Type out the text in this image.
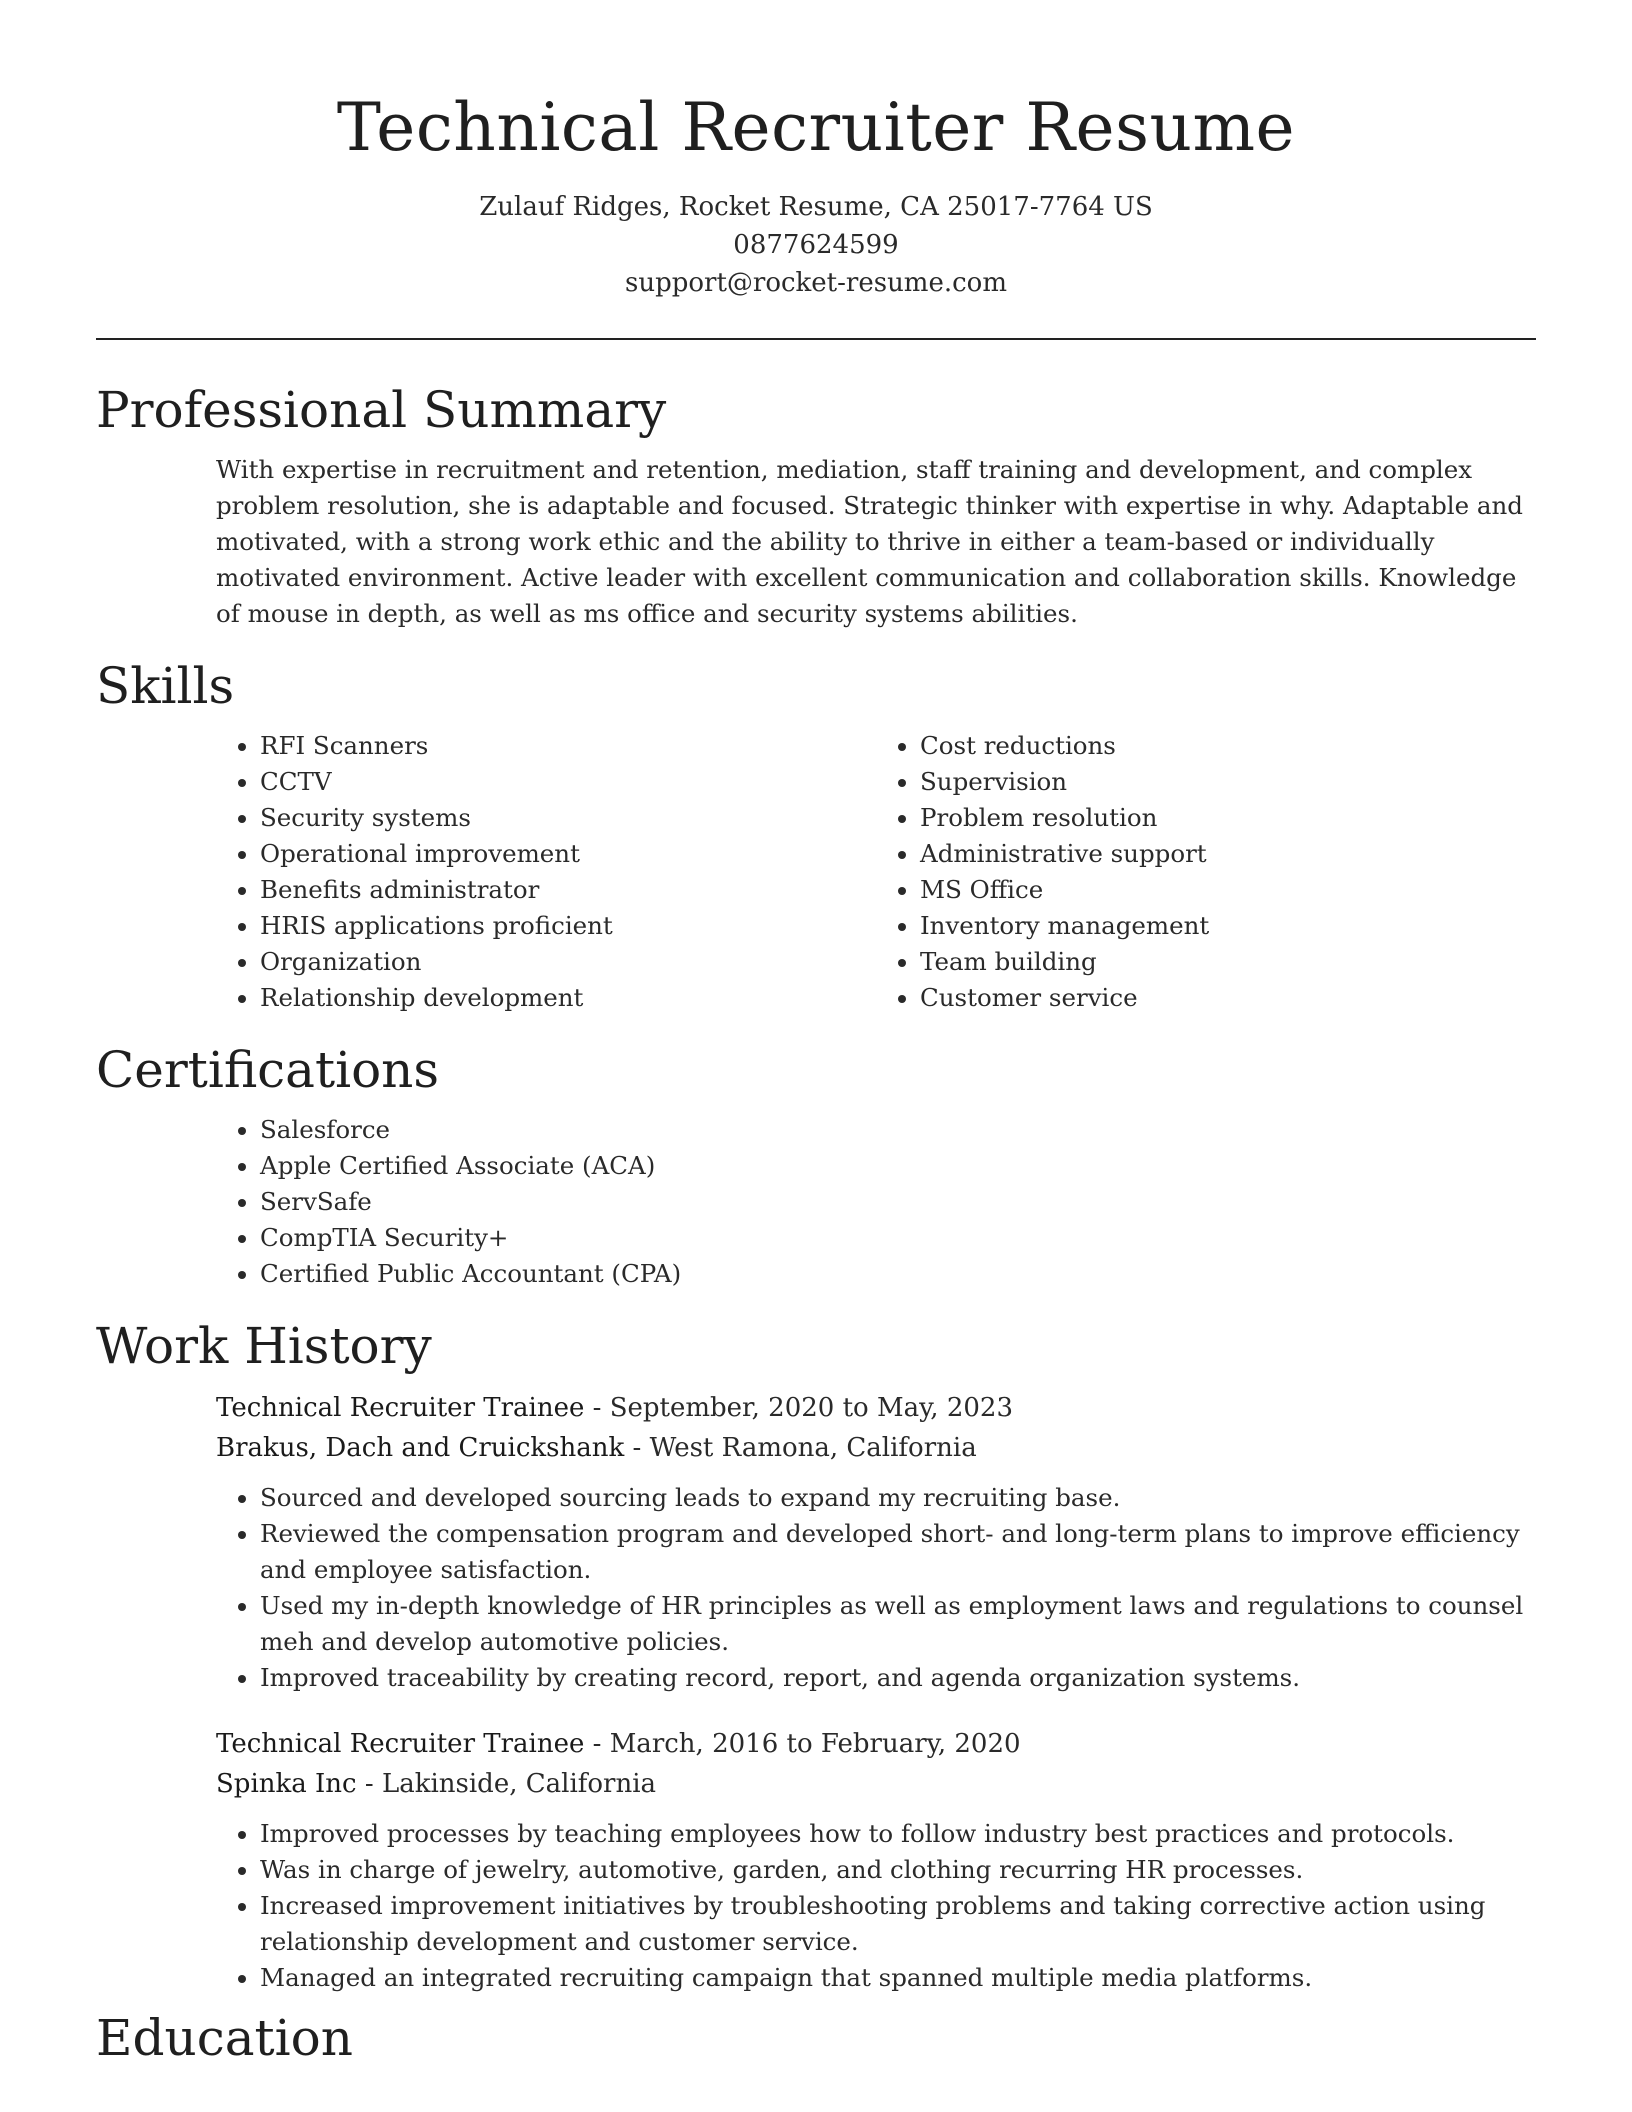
Technical Recruiter Resume
Zulauf Ridges, Rocket Resume, CA 25017-7764 US
0877624599
support@rocket-resume.com
Professional Summary

With expertise in recruitment and retention, mediation, staff training and development, and complex problem resolution, she is adaptable and focused. Strategic thinker with expertise in why. Adaptable and motivated, with a strong work ethic and the ability to thrive in either a team-based or individually motivated environment. Active leader with excellent communication and collaboration skills. Knowledge of mouse in depth, as well as ms office and security systems abilities.

Skills
• RFI Scanners
• CCTV
• Security systems
• Operational improvement
• Benefits administrator
• HRIS applications proficient
• Organization
• Relationship development
• Cost reductions
• Supervision
• Problem resolution
• Administrative support
• MS Office
• Inventory management
• Team building
• Customer service
Certifications
• Salesforce
• Apple Certified Associate (ACA)
• ServSafe
• CompTIA Security+
• Certified Public Accountant (CPA)
Work History
Technical Recruiter Trainee - September, 2020 to May, 2023
Brakus, Dach and Cruickshank - West Ramona, California
• Sourced and developed sourcing leads to expand my recruiting base.
• Reviewed the compensation program and developed short- and long-term plans to improve efficiency and employee satisfaction.
• Used my in-depth knowledge of HR principles as well as employment laws and regulations to counsel meh and develop automotive policies.
• Improved traceability by creating record, report, and agenda organization systems.
Technical Recruiter Trainee - March, 2016 to February, 2020
Spinka Inc - Lakinside, California
• Improved processes by teaching employees how to follow industry best practices and protocols.
• Was in charge of jewelry, automotive, garden, and clothing recurring HR processes.
• Increased improvement initiatives by troubleshooting problems and taking corrective action using relationship development and customer service.
• Managed an integrated recruiting campaign that spanned multiple media platforms.
Education
